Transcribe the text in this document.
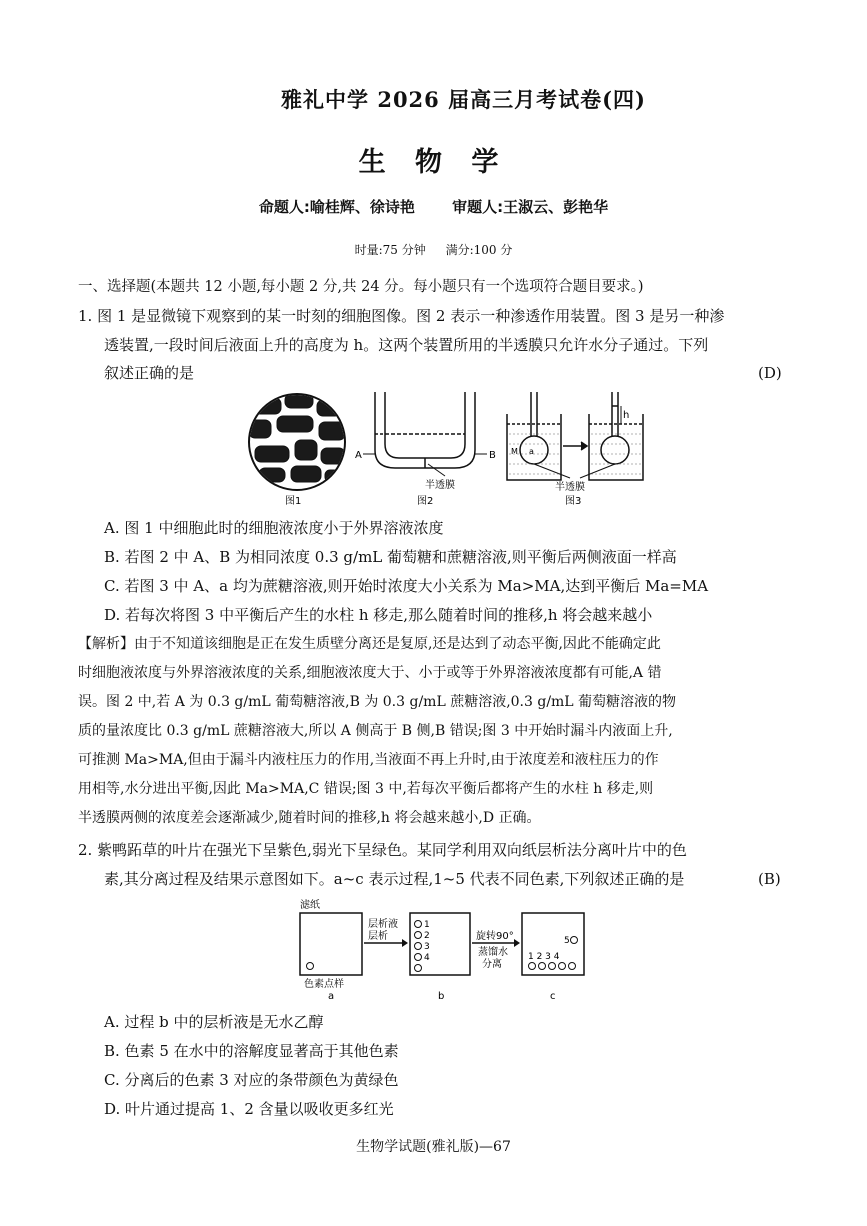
雅礼中学 2026 届高三月考试卷(四)
生 物 学
命题人:喻桂辉、徐诗艳 审题人:王淑云、彭艳华
时量:75 分钟 满分:100 分
一、选择题(本题共 12 小题,每小题 2 分,共 24 分。每小题只有一个选项符合题目要求。)
1. 图 1 是显微镜下观察到的某一时刻的细胞图像。图 2 表示一种渗透作用装置。图 3 是另一种渗
透装置,一段时间后液面上升的高度为 h。这两个装置所用的半透膜只允许水分子通过。下列
叙述正确的是	(D)
图1
A	B
半透膜
图2
h
M a
半透膜
图3
A. 图 1 中细胞此时的细胞液浓度小于外界溶液浓度
B. 若图 2 中 A、B 为相同浓度 0.3 g/mL 葡萄糖和蔗糖溶液,则平衡后两侧液面一样高
C. 若图 3 中 A、a 均为蔗糖溶液,则开始时浓度大小关系为 Ma>MA,达到平衡后 Ma=MA
D. 若每次将图 3 中平衡后产生的水柱 h 移走,那么随着时间的推移,h 将会越来越小
【解析】由于不知道该细胞是正在发生质壁分离还是复原,还是达到了动态平衡,因此不能确定此
时细胞液浓度与外界溶液浓度的关系,细胞液浓度大于、小于或等于外界溶液浓度都有可能,A 错
误。图 2 中,若 A 为 0.3 g/mL 葡萄糖溶液,B 为 0.3 g/mL 蔗糖溶液,0.3 g/mL 葡萄糖溶液的物
质的量浓度比 0.3 g/mL 蔗糖溶液大,所以 A 侧高于 B 侧,B 错误;图 3 中开始时漏斗内液面上升,
可推测 Ma>MA,但由于漏斗内液柱压力的作用,当液面不再上升时,由于浓度差和液柱压力的作
用相等,水分进出平衡,因此 Ma>MA,C 错误;图 3 中,若每次平衡后都将产生的水柱 h 移走,则
半透膜两侧的浓度差会逐渐减少,随着时间的推移,h 将会越来越小,D 正确。
2. 紫鸭跖草的叶片在强光下呈紫色,弱光下呈绿色。某同学利用双向纸层析法分离叶片中的色
素,其分离过程及结果示意图如下。a~c 表示过程,1~5 代表不同色素,下列叙述正确的是	(B)
滤纸
色素点样
层析液
层析	旋转90°
蒸馏水
分离
1
2
3
4
5
1 2 3 4
a	b	c
A. 过程 b 中的层析液是无水乙醇
B. 色素 5 在水中的溶解度显著高于其他色素
C. 分离后的色素 3 对应的条带颜色为黄绿色
D. 叶片通过提高 1、2 含量以吸收更多红光
生物学试题(雅礼版)—67
